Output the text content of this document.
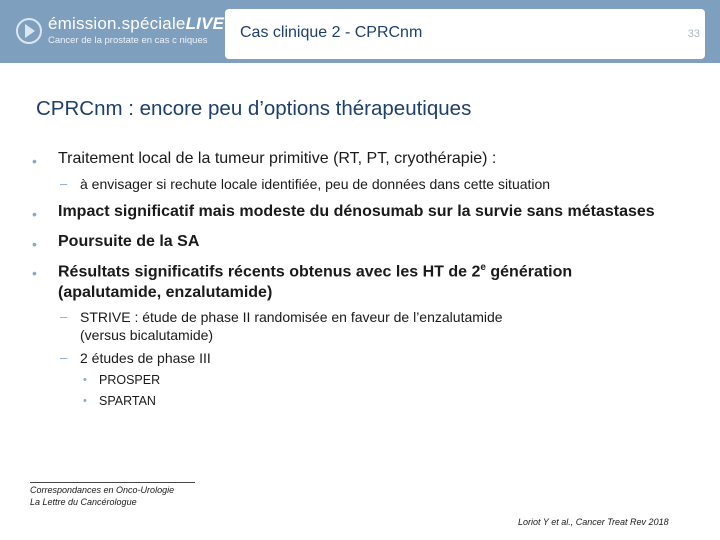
émission.spécialeLIVE
Cancer de la prostate en cas c niques Cas clinique 2 - CPRCnm	33
CPRCnm : encore peu d’options thérapeutiques
• Traitement local de la tumeur primitive (RT, PT, cryothérapie) :
– à envisager si rechute locale identifiée, peu de données dans cette situation
• Impact significatif mais modeste du dénosumab sur la survie sans métastases
• Poursuite de la SA
• Résultats significatifs récents obtenus avec les HT de 2e génération
(apalutamide, enzalutamide)
– STRIVE : étude de phase II randomisée en faveur de l’enzalutamide
(versus bicalutamide)
– 2 études de phase III
• PROSPER
• SPARTAN
Correspondances en Onco-Urologie
La Lettre du Cancérologue
Loriot Y et al., Cancer Treat Rev 2018
